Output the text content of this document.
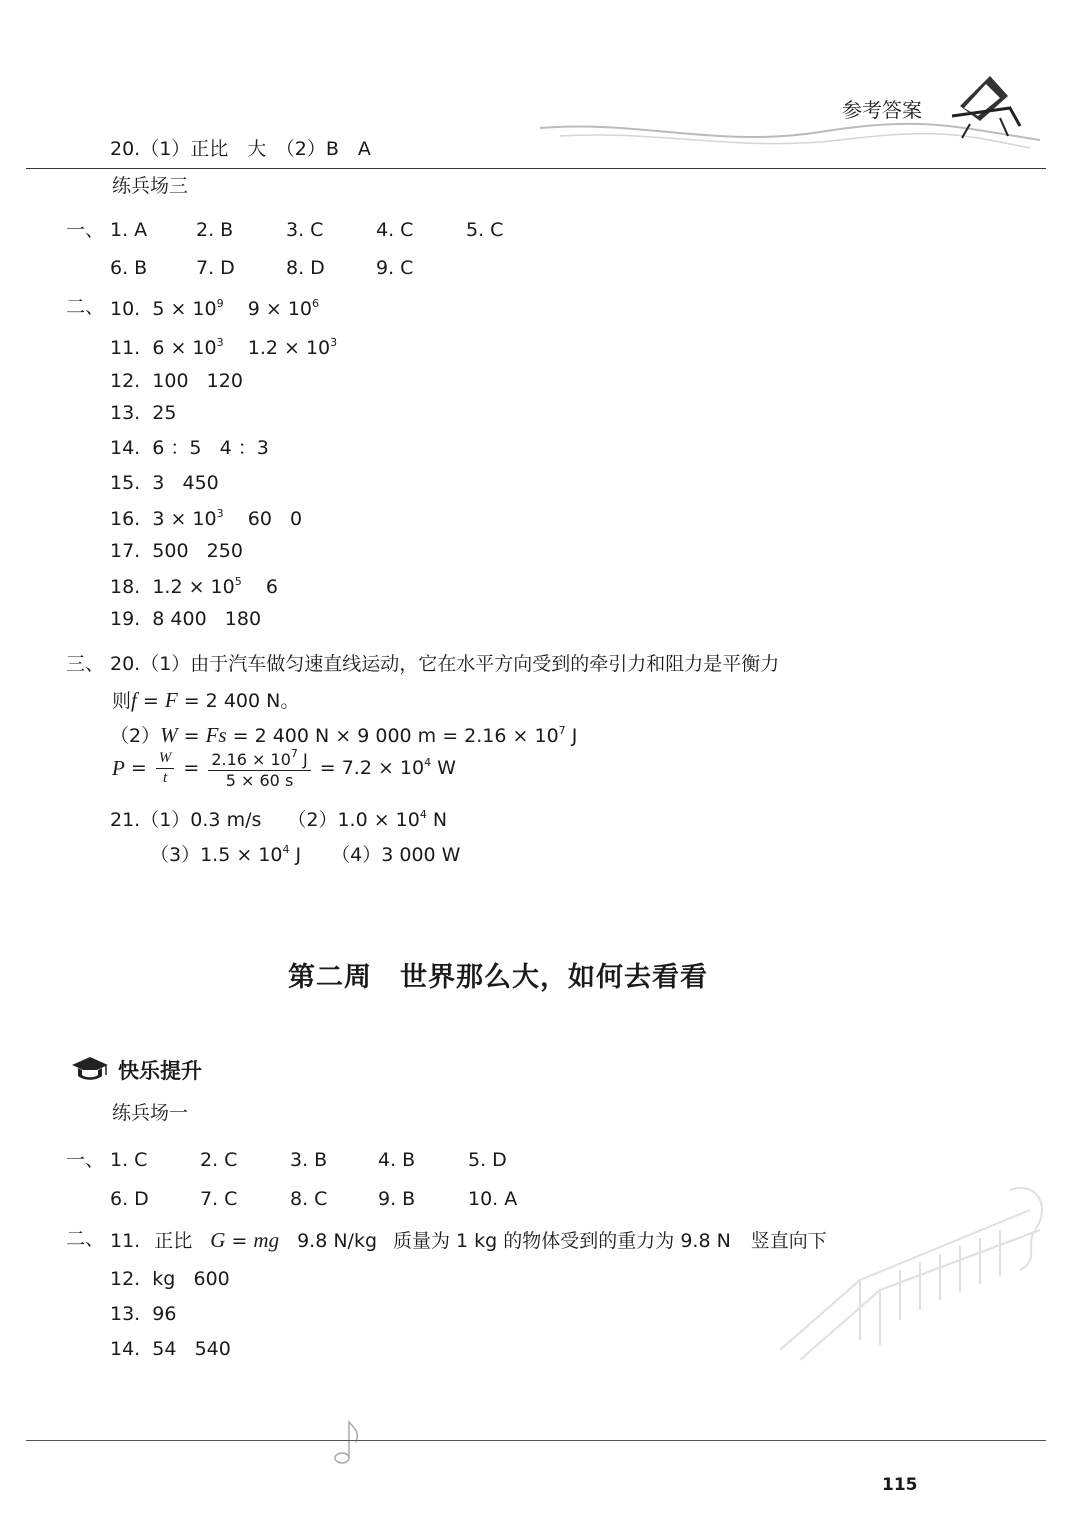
参考答案
20.（1）正比　大　（2）B　A
练兵场三
一、 1. A	2. B	3. C	4. C	5. C
6. B	7. D	8. D	9. C
二、 10. $5 \times 10^9$ $9 \times 10^6$
11. $6 \times 10^3$ $1.2 \times 10^3$
12.  100   120
13.  25
14.  6 ：5   4 ：3
15.  3   450
16. $3 \times 10^3$ 60   0
17.  500   250
18. $1.2 \times 10^5$ 6
19.  8 400   180
三、 20.（1）由于汽车做匀速直线运动，它在水平方向受到的牵引力和阻力是平衡力
则f = F = 2 400 N。
（2）W = Fs = 2 400 N × 9 000 $m = 2.16 \times 10^7$ J
$P = \frac{W}{t} = \frac{2.16 \times 10^7 J}{5 \times 60 s} = 7.2 \times 10^4$ W
21.（1）0.3 m/s $(2)1.0 \times 10^4$ N
$(3)1.5 \times 10^4$ J （4）3 000 W
第二周　世界那么大，如何去看看
快乐提升
练兵场一
一、 1. C	2. C	3. B	4. B	5. D
6. D	7. C	8. C	9. B	10. A
二、 11. 正比 G = mg 9.8 N/kg 质量为 1 kg 的物体受到的重力为 9.8 N 竖直向下
12.  kg   600
13.  96
14.  54   540
115
